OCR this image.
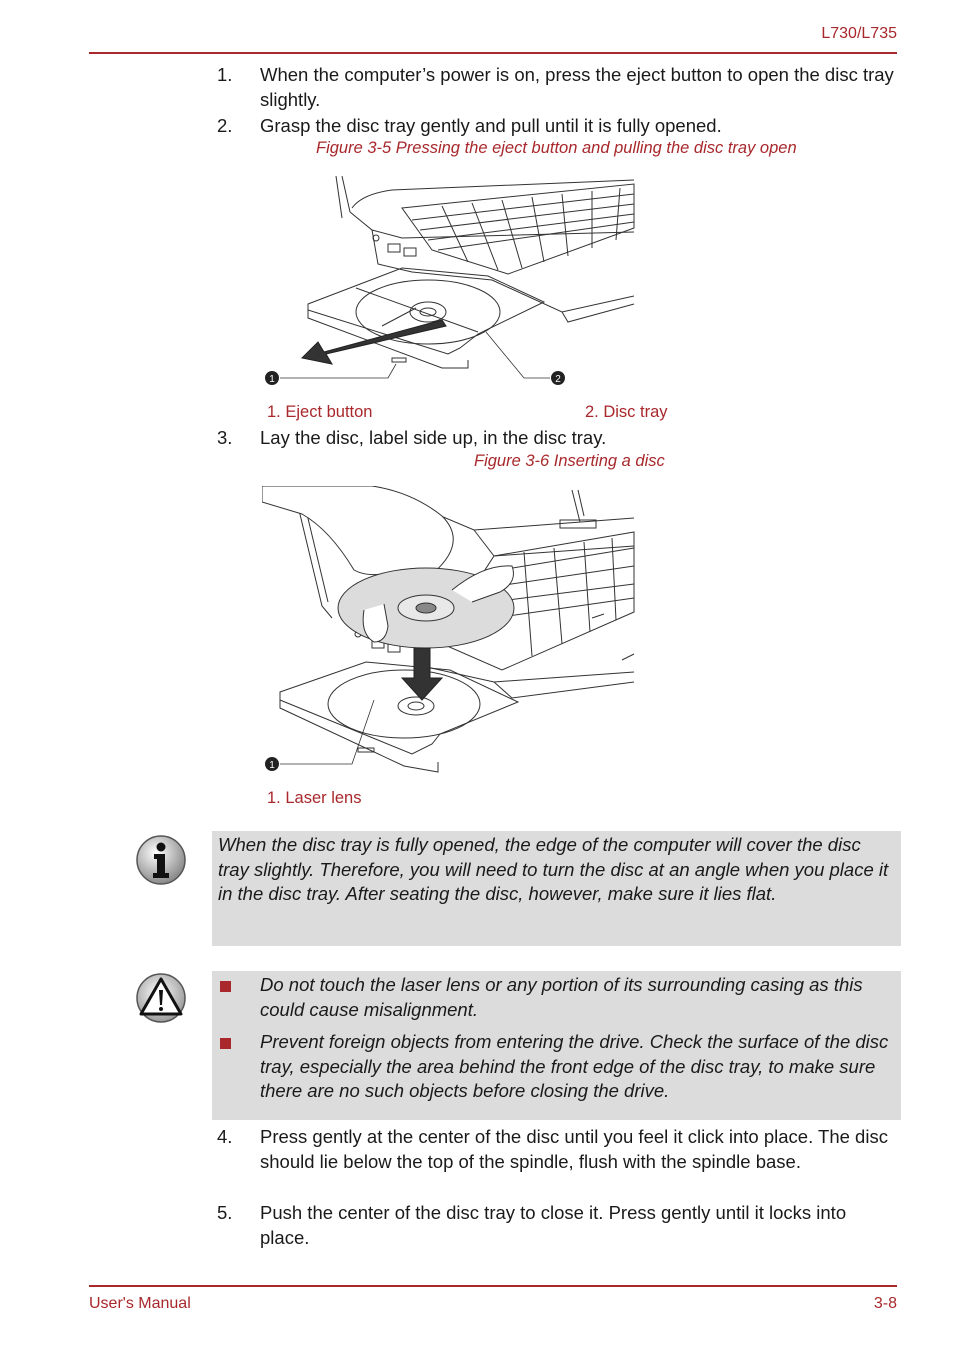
L730/L735
1. When the computer’s power is on, press the eject button to open the disc tray slightly.
2. Grasp the disc tray gently and pull until it is fully opened.
Figure 3-5 Pressing the eject button and pulling the disc tray open
1	2
1. Eject button	2. Disc tray
3. Lay the disc, label side up, in the disc tray.
Figure 3-6 Inserting a disc
1
1. Laser lens
When the disc tray is fully opened, the edge of the computer will cover the disc tray slightly. Therefore, you will need to turn the disc at an angle when you place it in the disc tray. After seating the disc, however, make sure it lies flat.
Do not touch the laser lens or any portion of its surrounding casing as this could cause misalignment.
Prevent foreign objects from entering the drive. Check the surface of the disc tray, especially the area behind the front edge of the disc tray, to make sure there are no such objects before closing the drive.
4. Press gently at the center of the disc until you feel it click into place. The disc should lie below the top of the spindle, flush with the spindle base.
5. Push the center of the disc tray to close it. Press gently until it locks into place.
User's Manual	3-8
